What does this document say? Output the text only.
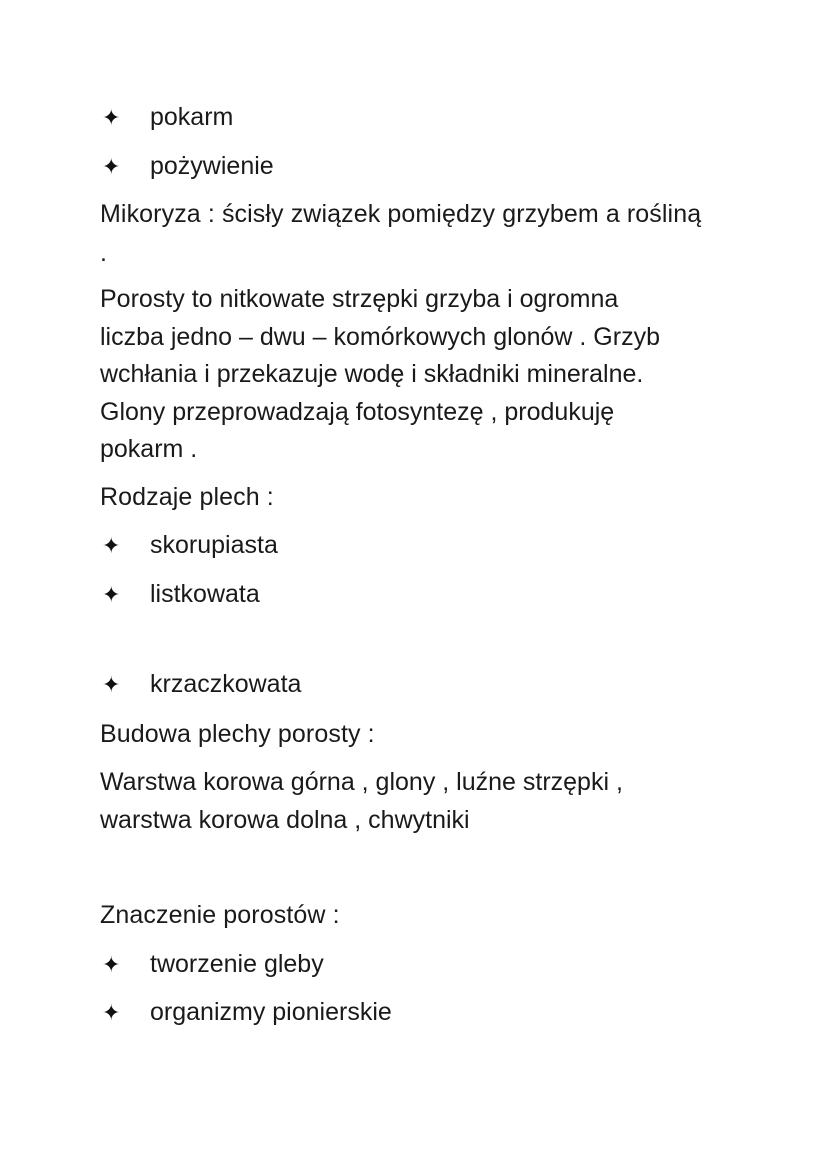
✦ pokarm
✦ pożywienie
Mikoryza : ścisły związek pomiędzy grzybem a rośliną
.
Porosty to nitkowate strzępki grzyba i ogromna
liczba jedno – dwu – komórkowych glonów . Grzyb
wchłania i przekazuje wodę i składniki mineralne.
Glony przeprowadzają fotosyntezę , produkuję
pokarm .
Rodzaje plech :
✦ skorupiasta
✦ listkowata
✦ krzaczkowata
Budowa plechy porosty :
Warstwa korowa górna , glony , luźne strzępki ,
warstwa korowa dolna , chwytniki
Znaczenie porostów :
✦ tworzenie gleby
✦ organizmy pionierskie
